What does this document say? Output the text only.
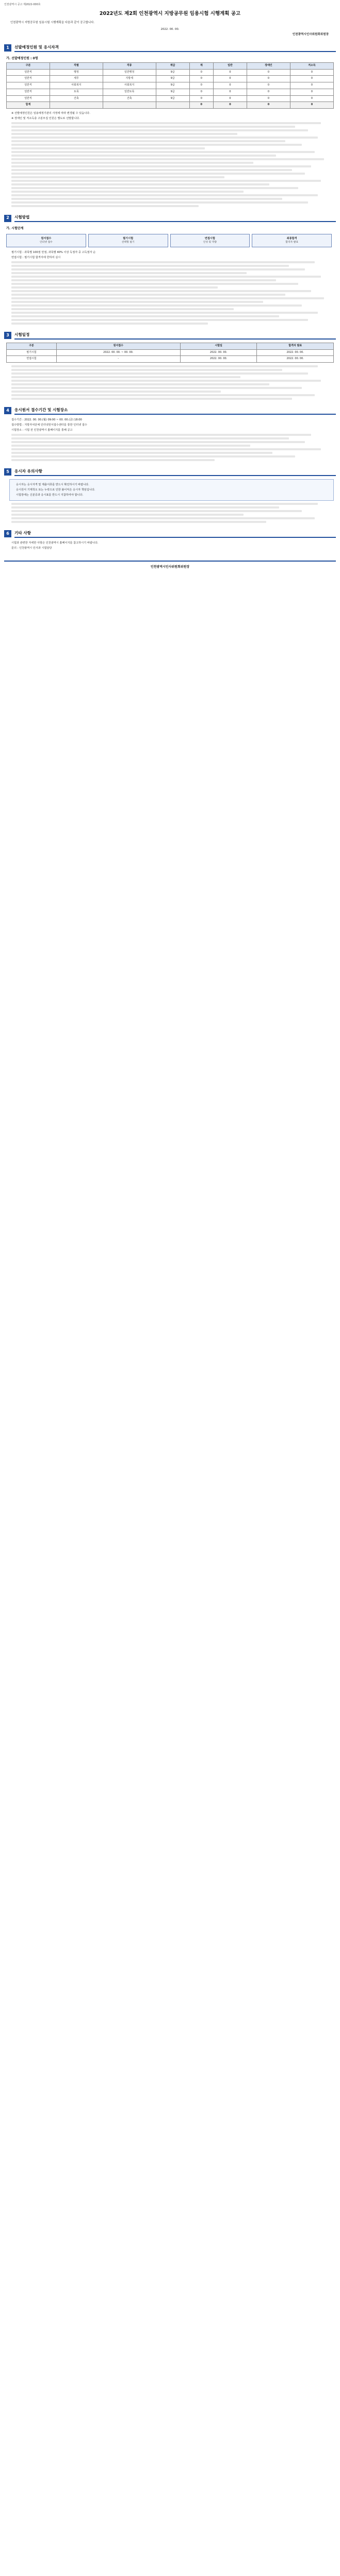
인천광역시 공고 제2022-000호
2022년도 제2회 인천광역시 지방공무원 임용시험 시행계획 공고
인천광역시 지방공무원 임용시험 시행계획을 다음과 같이 공고합니다.
2022. 00. 00.
인천광역시인사위원회위원장
1	선발예정인원 및 응시자격
가. 선발예정인원 : 0명
구분	직렬	직류	계급	계	일반	장애인	저소득
일반직	행정	일반행정	9급	0	0	0	0
일반직	세무	지방세	9급	0	0	0	0
일반직	사회복지	사회복지	9급	0	0	0	0
일반직	토목	일반토목	9급	0	0	0	0
일반직	건축	건축	9급	0	0	0	0
합계				0	0	0	0
※ 선발예정인원은 임용예정기관의 사정에 따라 변경될 수 있습니다.
※ 장애인 및 저소득층 구분모집 인원은 별도로 선발합니다.
2	시험방법
가. 시험단계
원서접수
인터넷 접수
필기시험
선택형 필기
면접시험
인성 및 역량
최종합격
합격자 발표
필기시험 : 과목별 100점 만점, 과목별 40% 이상 득점자 중 고득점자 순
면접시험 : 필기시험 합격자에 한하여 실시
3	시험일정
구분	원서접수	시험일	합격자 발표
필기시험	2022. 00. 00. ~ 00. 00.	2022. 00. 00.	2022. 00. 00.
면접시험	-	2022. 00. 00.	2022. 00. 00.
4	응시원서 접수기간 및 시험장소
접수기간 : 2022. 00. 00.(월) 09:00 ~ 00. 00.(금) 18:00
접수방법 : 지방자치단체 인터넷원서접수센터를 통한 인터넷 접수
시험장소 : 시험 전 인천광역시 홈페이지를 통해 공고
5	응시자 유의사항
응시자는 응시자격 및 제출서류를 반드시 확인하시기 바랍니다.
응시원서 기재착오 또는 누락으로 인한 불이익은 응시자 책임입니다.
시험장에는 신분증과 응시표를 반드시 지참하여야 합니다.
6	기타 사항
시험과 관련한 자세한 사항은 인천광역시 홈페이지를 참고하시기 바랍니다.
문의 : 인천광역시 인사과 시험담당
인천광역시인사위원회위원장
